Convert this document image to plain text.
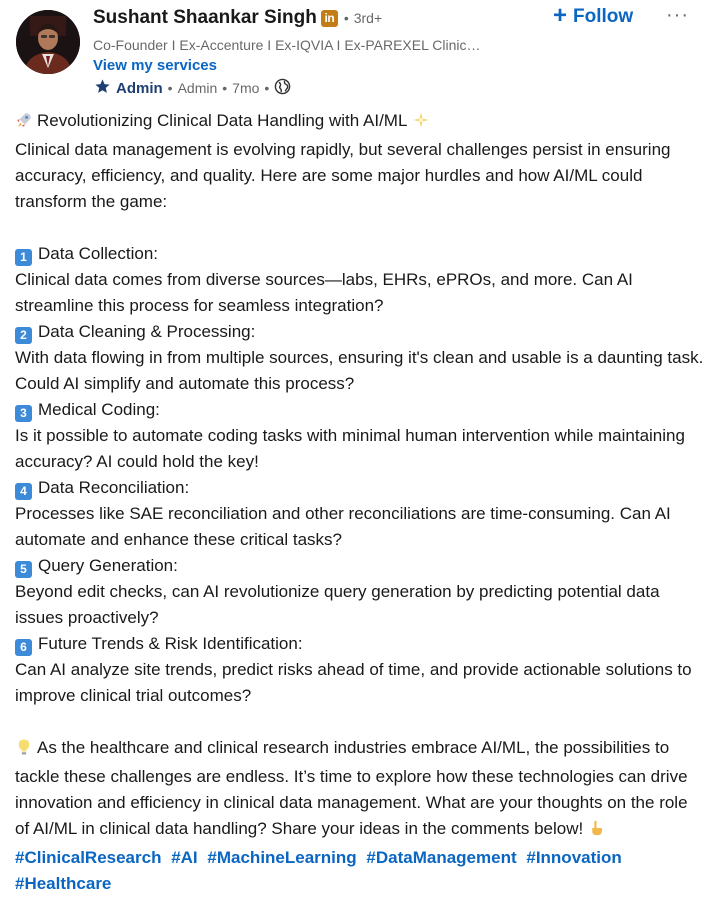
Sushant Shaankar Singh in • 3rd+
Co-Founder I Ex-Accenture I Ex-IQVIA I Ex-PAREXEL Clinic…
View my services
Admin • Admin • 7mo •
+ Follow ···

Revolutionizing Clinical Data Handling with AI/ML

Clinical data management is evolving rapidly, but several challenges persist in ensuring accuracy, efficiency, and quality. Here are some major hurdles and how AI/ML could transform the game:

1 Data Collection:

Clinical data comes from diverse sources—labs, EHRs, ePROs, and more. Can AI streamline this process for seamless integration?

2 Data Cleaning & Processing:

With data flowing in from multiple sources, ensuring it's clean and usable is a daunting task. Could AI simplify and automate this process?

3 Medical Coding:

Is it possible to automate coding tasks with minimal human intervention while maintaining accuracy? AI could hold the key!

4 Data Reconciliation:

Processes like SAE reconciliation and other reconciliations are time-consuming. Can AI automate and enhance these critical tasks?

5 Query Generation:

Beyond edit checks, can AI revolutionize query generation by predicting potential data issues proactively?

6 Future Trends & Risk Identification:

Can AI analyze site trends, predict risks ahead of time, and provide actionable solutions to improve clinical trial outcomes?

As the healthcare and clinical research industries embrace AI/ML, the possibilities to tackle these challenges are endless. It’s time to explore how these technologies can drive innovation and efficiency in clinical data management. What are your thoughts on the role of AI/ML in clinical data handling? Share your ideas in the comments below!

#ClinicalResearch #AI #MachineLearning #DataManagement #Innovation #Healthcare
